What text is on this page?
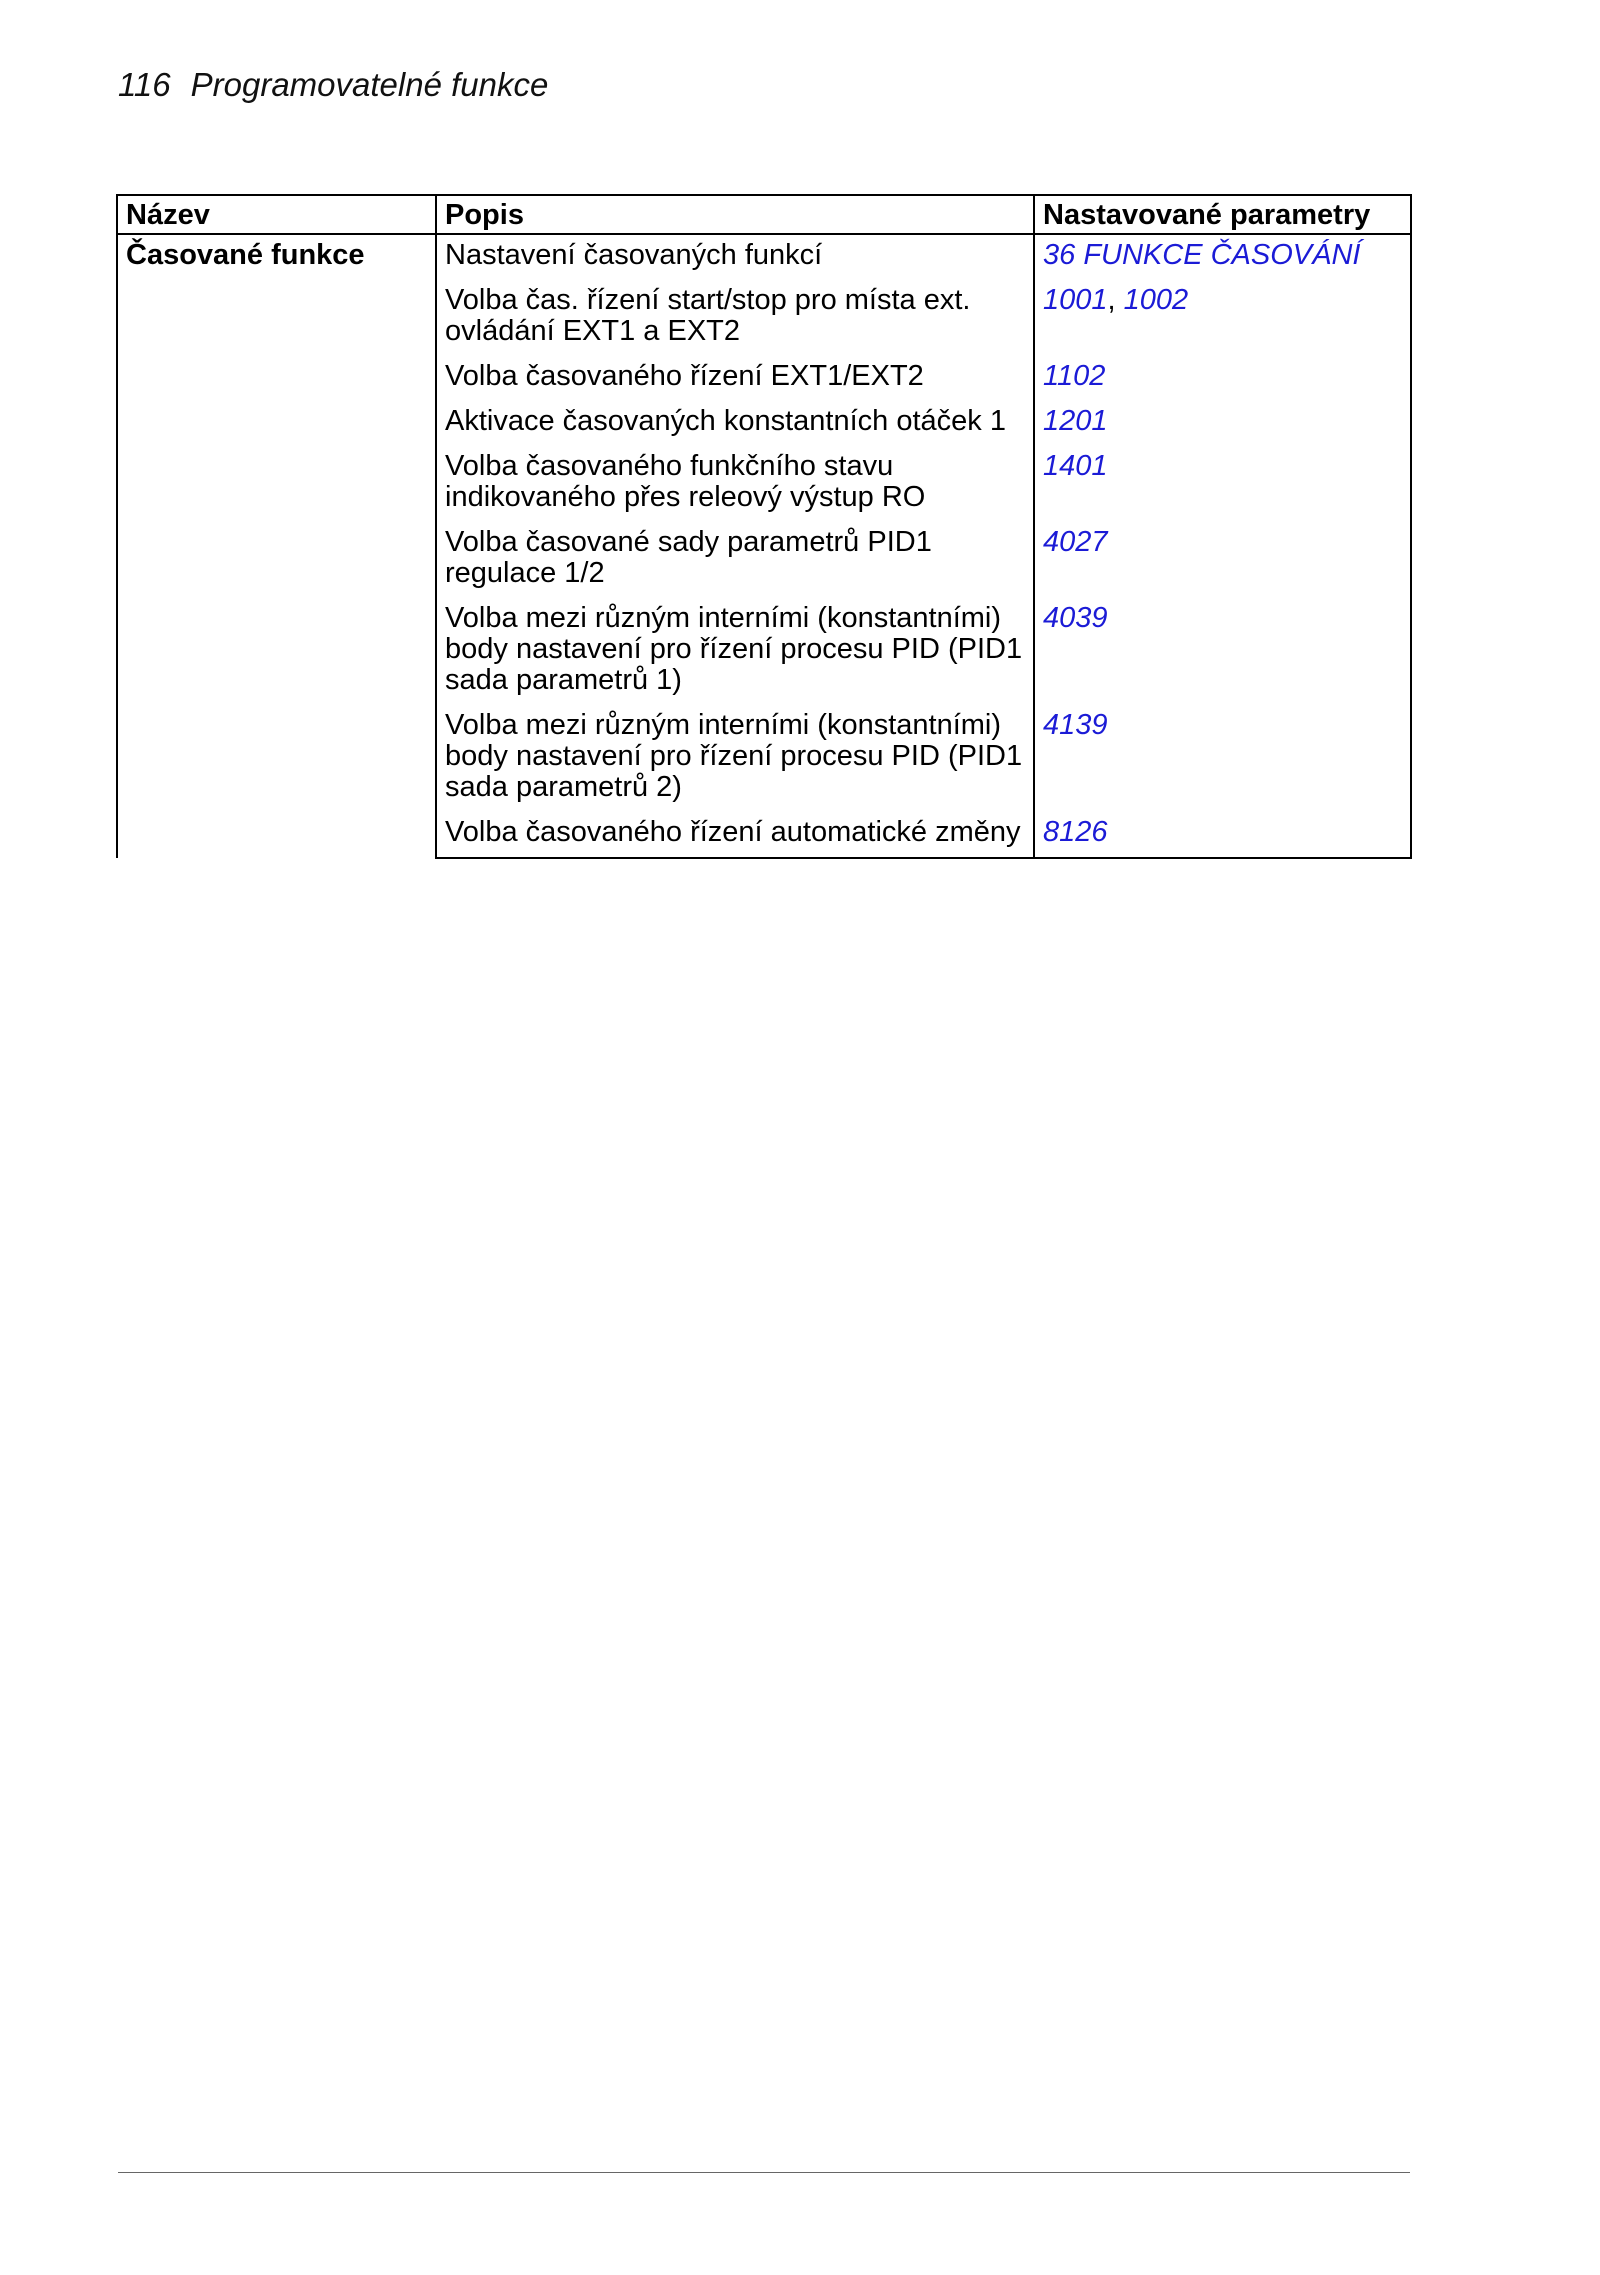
116 Programovatelné funkce
Název	Popis	Nastavované parametry
Časované funkce	Nastavení časovaných funkcí	36 FUNKCE ČASOVÁNÍ
	Volba čas. řízení start/stop pro místa ext. ovládání EXT1 a EXT2	1001, 1002
	Volba časovaného řízení EXT1/EXT2	1102
	Aktivace časovaných konstantních otáček 1	1201
	Volba časovaného funkčního stavu indikovaného přes releový výstup RO	1401
	Volba časované sady parametrů PID1 regulace 1/2	4027
	Volba mezi různým interními (konstantními) body nastavení pro řízení procesu PID (PID1 sada parametrů 1)	4039
	Volba mezi různým interními (konstantními) body nastavení pro řízení procesu PID (PID1 sada parametrů 2)	4139
	Volba časovaného řízení automatické změny	8126
